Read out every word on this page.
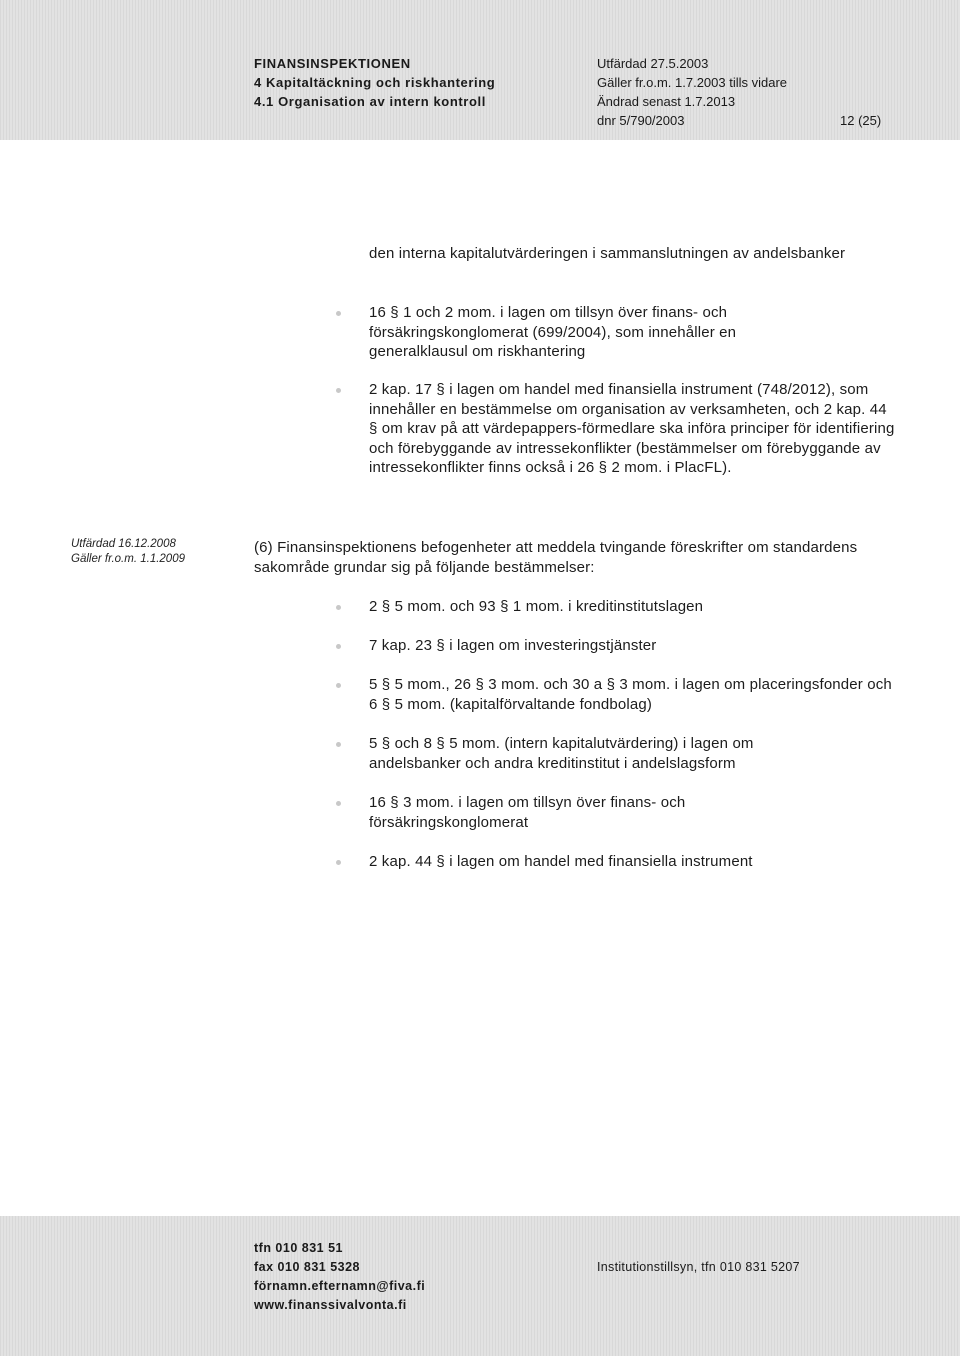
FINANSINSPEKTIONEN
4 Kapitaltäckning och riskhantering
4.1 Organisation av intern kontroll
Utfärdad 27.5.2003
Gäller fr.o.m. 1.7.2003 tills vidare
Ändrad senast 1.7.2013
dnr 5/790/2003	12 (25)
den interna kapitalutvärderingen i sammanslutningen av andelsbanker
16 § 1 och 2 mom. i lagen om tillsyn över finans- och försäkringskonglomerat (699/2004), som innehåller en generalklausul om riskhantering
2 kap. 17 § i lagen om handel med finansiella instrument (748/2012), som innehåller en bestämmelse om organisation av verksamheten, och 2 kap. 44 § om krav på att värdepappers-förmedlare ska införa principer för identifiering och förebyggande av intressekonflikter (bestämmelser om förebyggande av intressekonflikter finns också i 26 § 2 mom. i PlacFL).
Utfärdad 16.12.2008
Gäller fr.o.m. 1.1.2009
(6) Finansinspektionens befogenheter att meddela tvingande föreskrifter om standardens sakområde grundar sig på följande bestämmelser:
2 § 5 mom. och 93 § 1 mom. i kreditinstitutslagen
7 kap. 23 § i lagen om investeringstjänster
5 § 5 mom., 26 § 3 mom. och 30 a § 3 mom. i lagen om placeringsfonder och 6 § 5 mom. (kapitalförvaltande fondbolag)
5 § och 8 § 5 mom. (intern kapitalutvärdering) i lagen om andelsbanker och andra kreditinstitut i andelslagsform
16 § 3 mom. i lagen om tillsyn över finans- och försäkringskonglomerat
2 kap. 44 § i lagen om handel med finansiella instrument
tfn 010 831 51
fax 010 831 5328
förnamn.efternamn@fiva.fi
www.finanssivalvonta.fi
Institutionstillsyn, tfn 010 831 5207
